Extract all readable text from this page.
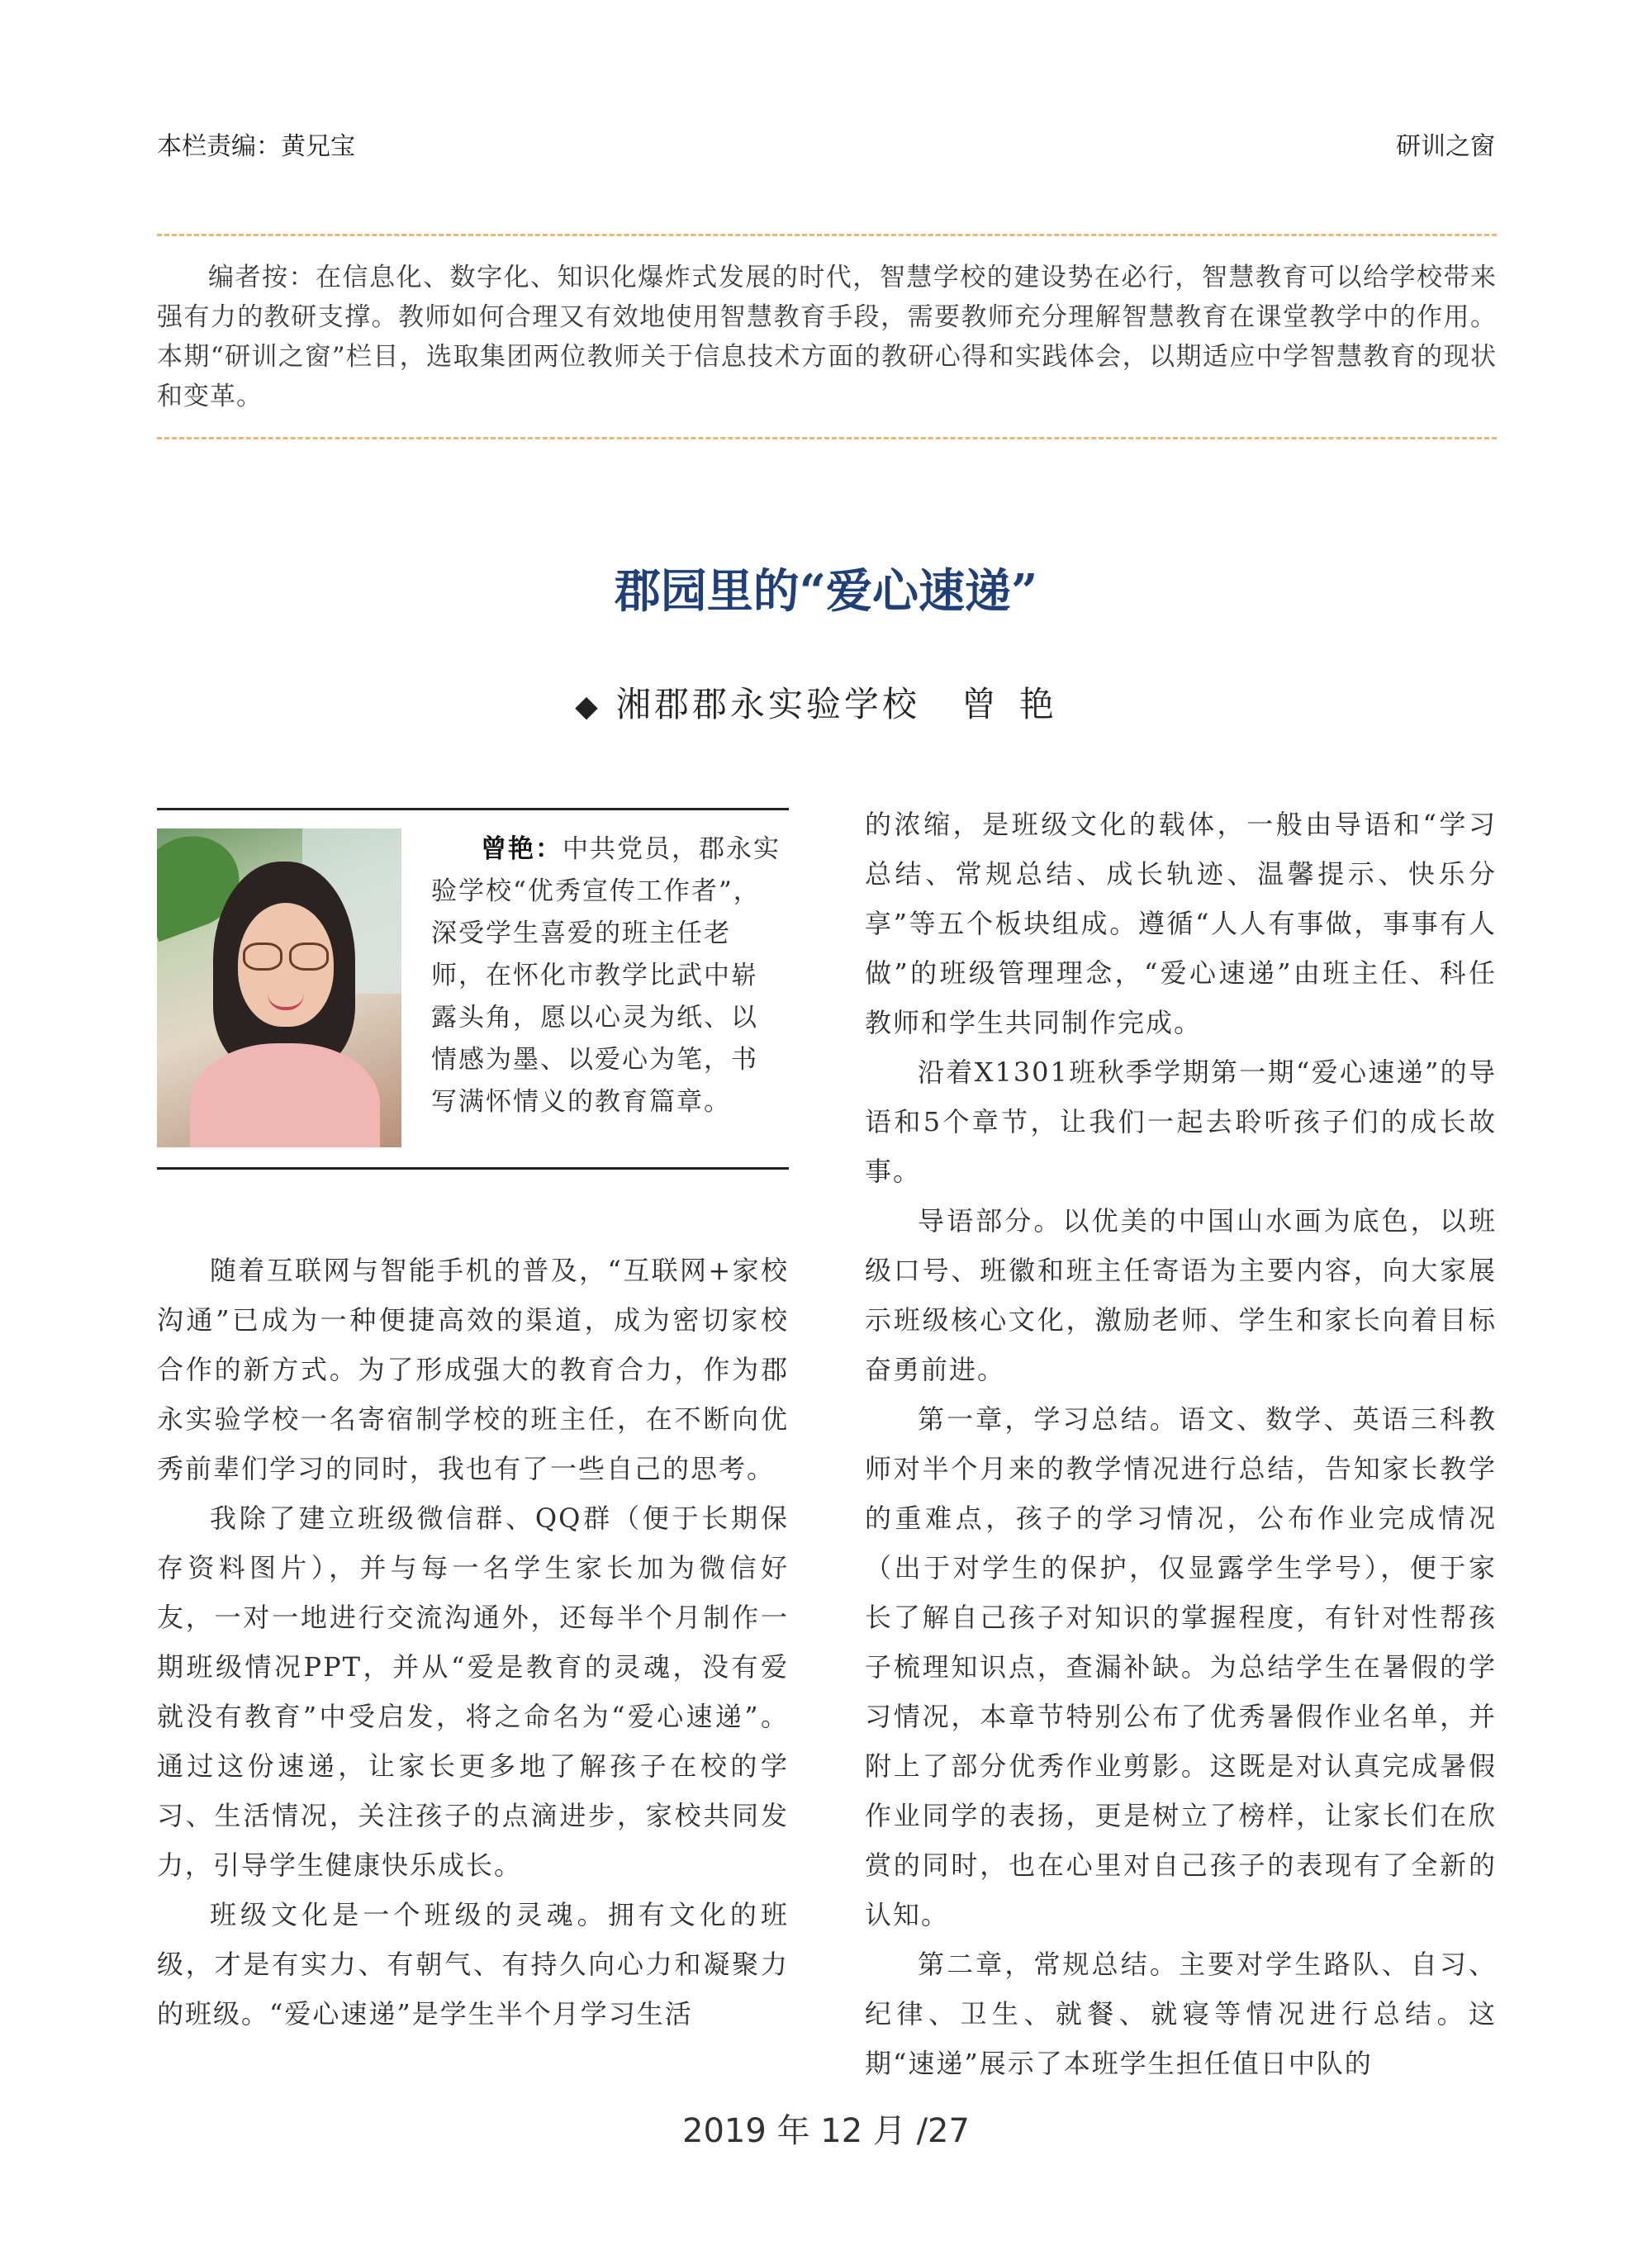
本栏责编：黄兄宝	研训之窗

编者按：在信息化、数字化、知识化爆炸式发展的时代，智慧学校的建设势在必行，智慧教育可以给学校带来强有力的教研支撑。教师如何合理又有效地使用智慧教育手段，需要教师充分理解智慧教育在课堂教学中的作用。本期“研训之窗”栏目，选取集团两位教师关于信息技术方面的教研心得和实践体会，以期适应中学智慧教育的现状和变革。

郡园里的“爱心速递”
◆ 湘郡郡永实验学校 曾艳

曾艳：中共党员，郡永实验学校“优秀宣传工作者”，深受学生喜爱的班主任老师，在怀化市教学比武中崭露头角，愿以心灵为纸、以情感为墨、以爱心为笔，书写满怀情义的教育篇章。

随着互联网与智能手机的普及，“互联网+家校沟通”已成为一种便捷高效的渠道，成为密切家校合作的新方式。为了形成强大的教育合力，作为郡永实验学校一名寄宿制学校的班主任，在不断向优秀前辈们学习的同时，我也有了一些自己的思考。

我除了建立班级微信群、QQ群（便于长期保存资料图片），并与每一名学生家长加为微信好友，一对一地进行交流沟通外，还每半个月制作一期班级情况PPT，并从“爱是教育的灵魂，没有爱就没有教育”中受启发，将之命名为“爱心速递”。通过这份速递，让家长更多地了解孩子在校的学习、生活情况，关注孩子的点滴进步，家校共同发力，引导学生健康快乐成长。

班级文化是一个班级的灵魂。拥有文化的班级，才是有实力、有朝气、有持久向心力和凝聚力的班级。“爱心速递”是学生半个月学习生活

的浓缩，是班级文化的载体，一般由导语和“学习总结、常规总结、成长轨迹、温馨提示、快乐分享”等五个板块组成。遵循“人人有事做，事事有人做”的班级管理理念，“爱心速递”由班主任、科任教师和学生共同制作完成。

沿着X1301班秋季学期第一期“爱心速递”的导语和5个章节，让我们一起去聆听孩子们的成长故事。

导语部分。以优美的中国山水画为底色，以班级口号、班徽和班主任寄语为主要内容，向大家展示班级核心文化，激励老师、学生和家长向着目标奋勇前进。

第一章，学习总结。语文、数学、英语三科教师对半个月来的教学情况进行总结，告知家长教学的重难点，孩子的学习情况，公布作业完成情况（出于对学生的保护，仅显露学生学号），便于家长了解自己孩子对知识的掌握程度，有针对性帮孩子梳理知识点，查漏补缺。为总结学生在暑假的学习情况，本章节特别公布了优秀暑假作业名单，并附上了部分优秀作业剪影。这既是对认真完成暑假作业同学的表扬，更是树立了榜样，让家长们在欣赏的同时，也在心里对自己孩子的表现有了全新的认知。

第二章，常规总结。主要对学生路队、自习、纪律、卫生、就餐、就寝等情况进行总结。这期“速递”展示了本班学生担任值日中队的

2019 年 12 月 /27
